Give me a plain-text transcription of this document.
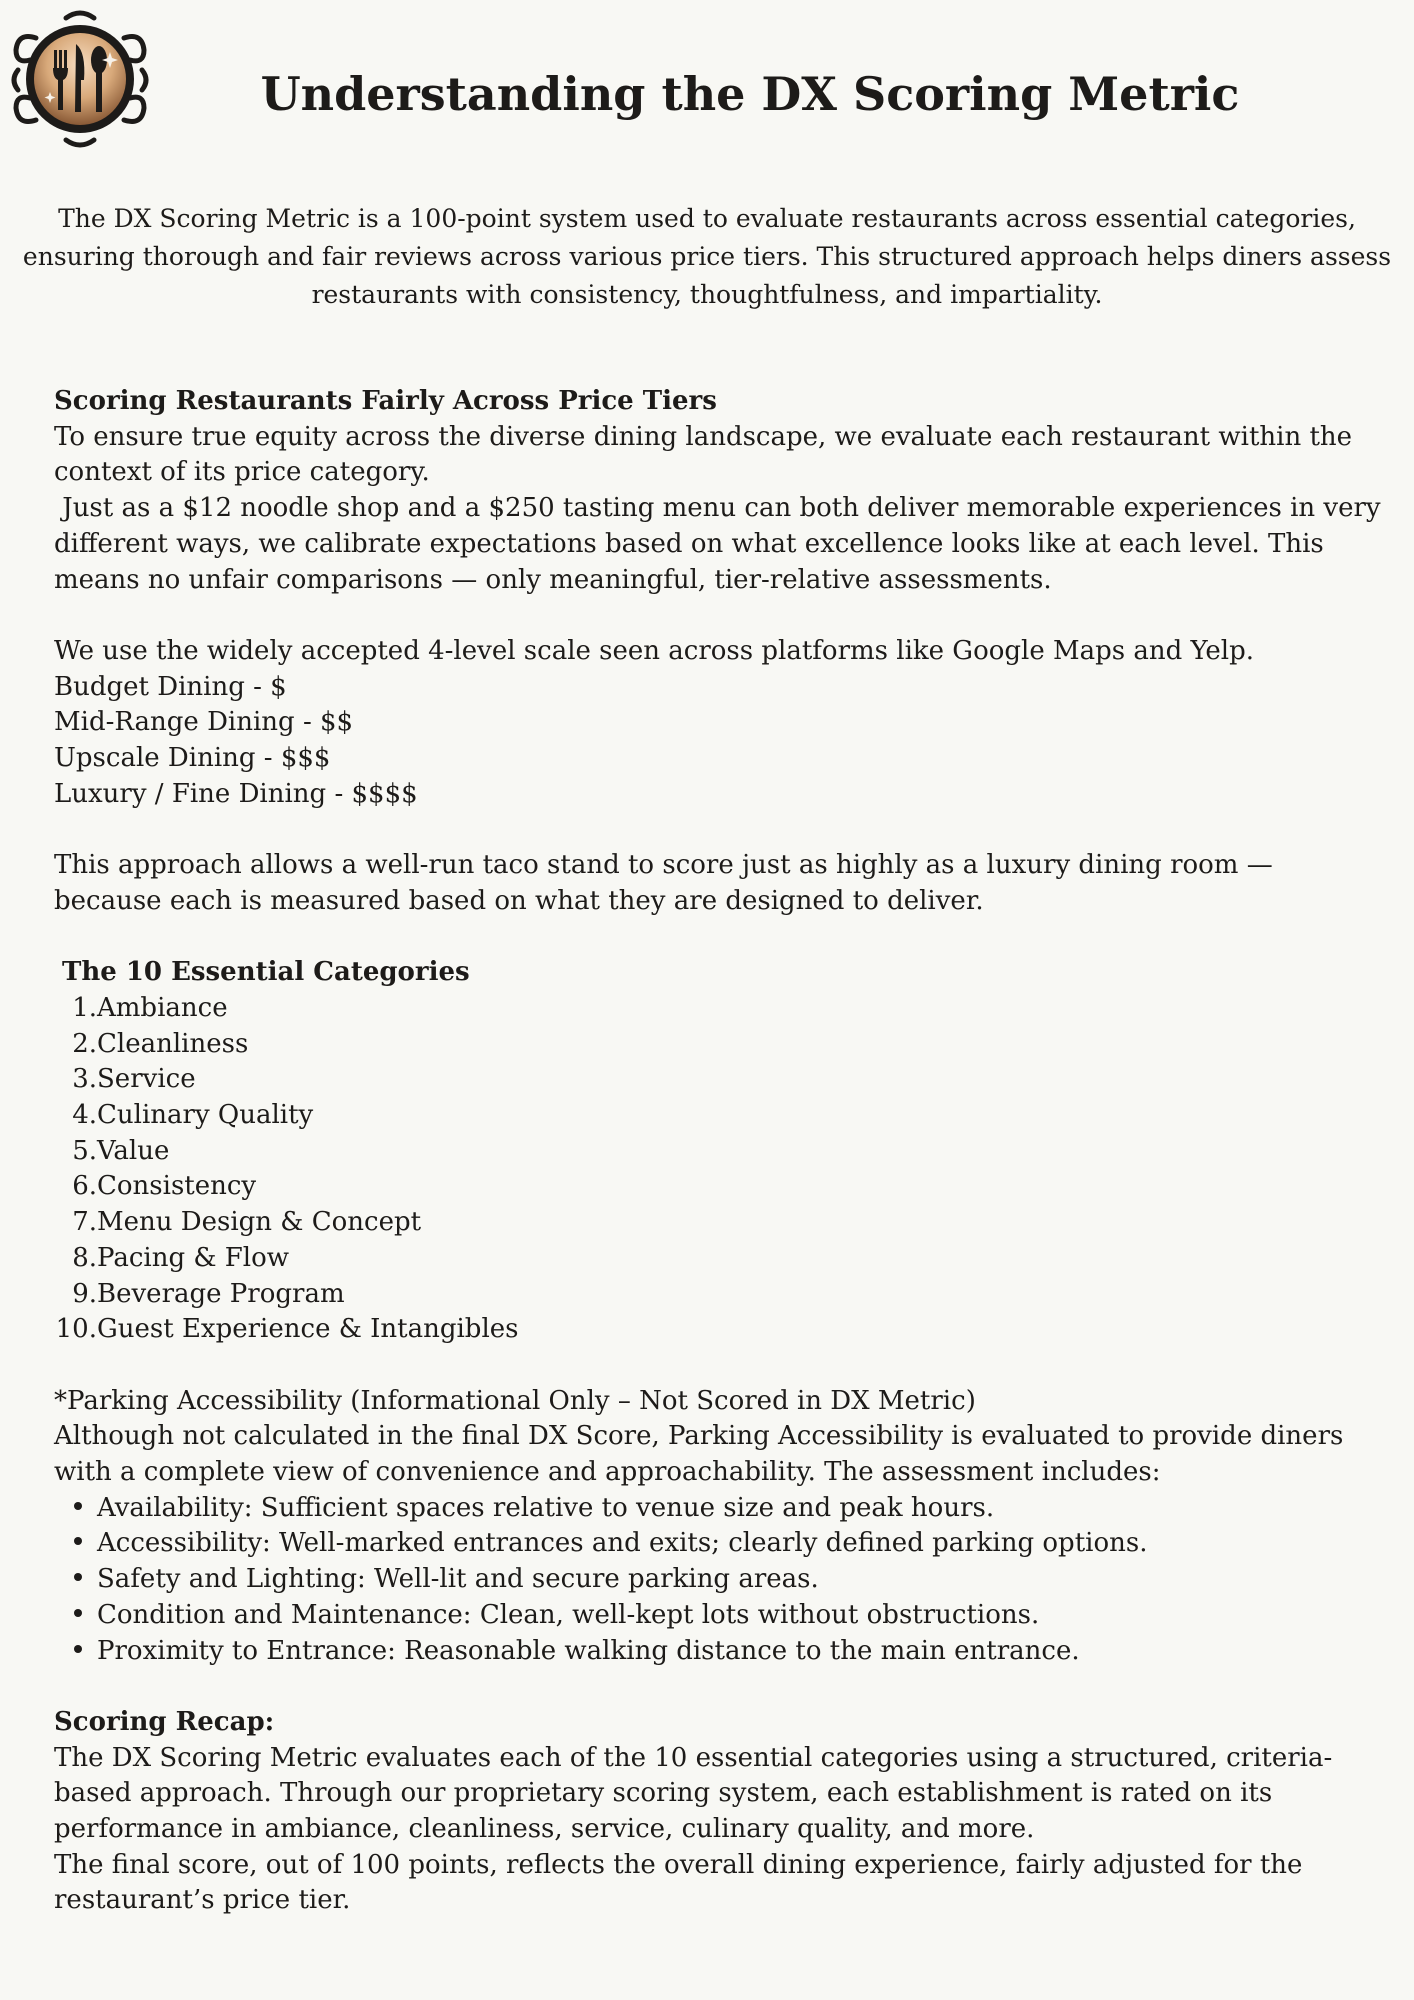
Understanding the DX Scoring Metric
The DX Scoring Metric is a 100-point system used to evaluate restaurants across essential categories,
ensuring thorough and fair reviews across various price tiers. This structured approach helps diners assess
restaurants with consistency, thoughtfulness, and impartiality.

Scoring Restaurants Fairly Across Price Tiers

To ensure true equity across the diverse dining landscape, we evaluate each restaurant within the context of its price category.

Just as a $12 noodle shop and a $250 tasting menu can both deliver memorable experiences in very different ways, we calibrate expectations based on what excellence looks like at each level. This means no unfair comparisons — only meaningful, tier-relative assessments.

We use the widely accepted 4-level scale seen across platforms like Google Maps and Yelp.

Budget Dining - $

Mid-Range Dining - $$

Upscale Dining - $$$

Luxury / Fine Dining - $$$$

This approach allows a well-run taco stand to score just as highly as a luxury dining room — because each is measured based on what they are designed to deliver.

The 10 Essential Categories

1. Ambiance
2. Cleanliness
3. Service
4. Culinary Quality
5. Value
6. Consistency
7. Menu Design & Concept
8. Pacing & Flow
9. Beverage Program
10. Guest Experience & Intangibles

*Parking Accessibility (Informational Only – Not Scored in DX Metric)

Although not calculated in the final DX Score, Parking Accessibility is evaluated to provide diners with a complete view of convenience and approachability. The assessment includes:

Availability: Sufficient spaces relative to venue size and peak hours.
Accessibility: Well-marked entrances and exits; clearly defined parking options.
Safety and Lighting: Well-lit and secure parking areas.
Condition and Maintenance: Clean, well-kept lots without obstructions.
Proximity to Entrance: Reasonable walking distance to the main entrance.

Scoring Recap:

The DX Scoring Metric evaluates each of the 10 essential categories using a structured, criteria-based approach. Through our proprietary scoring system, each establishment is rated on its performance in ambiance, cleanliness, service, culinary quality, and more.

The final score, out of 100 points, reflects the overall dining experience, fairly adjusted for the restaurant’s price tier.
